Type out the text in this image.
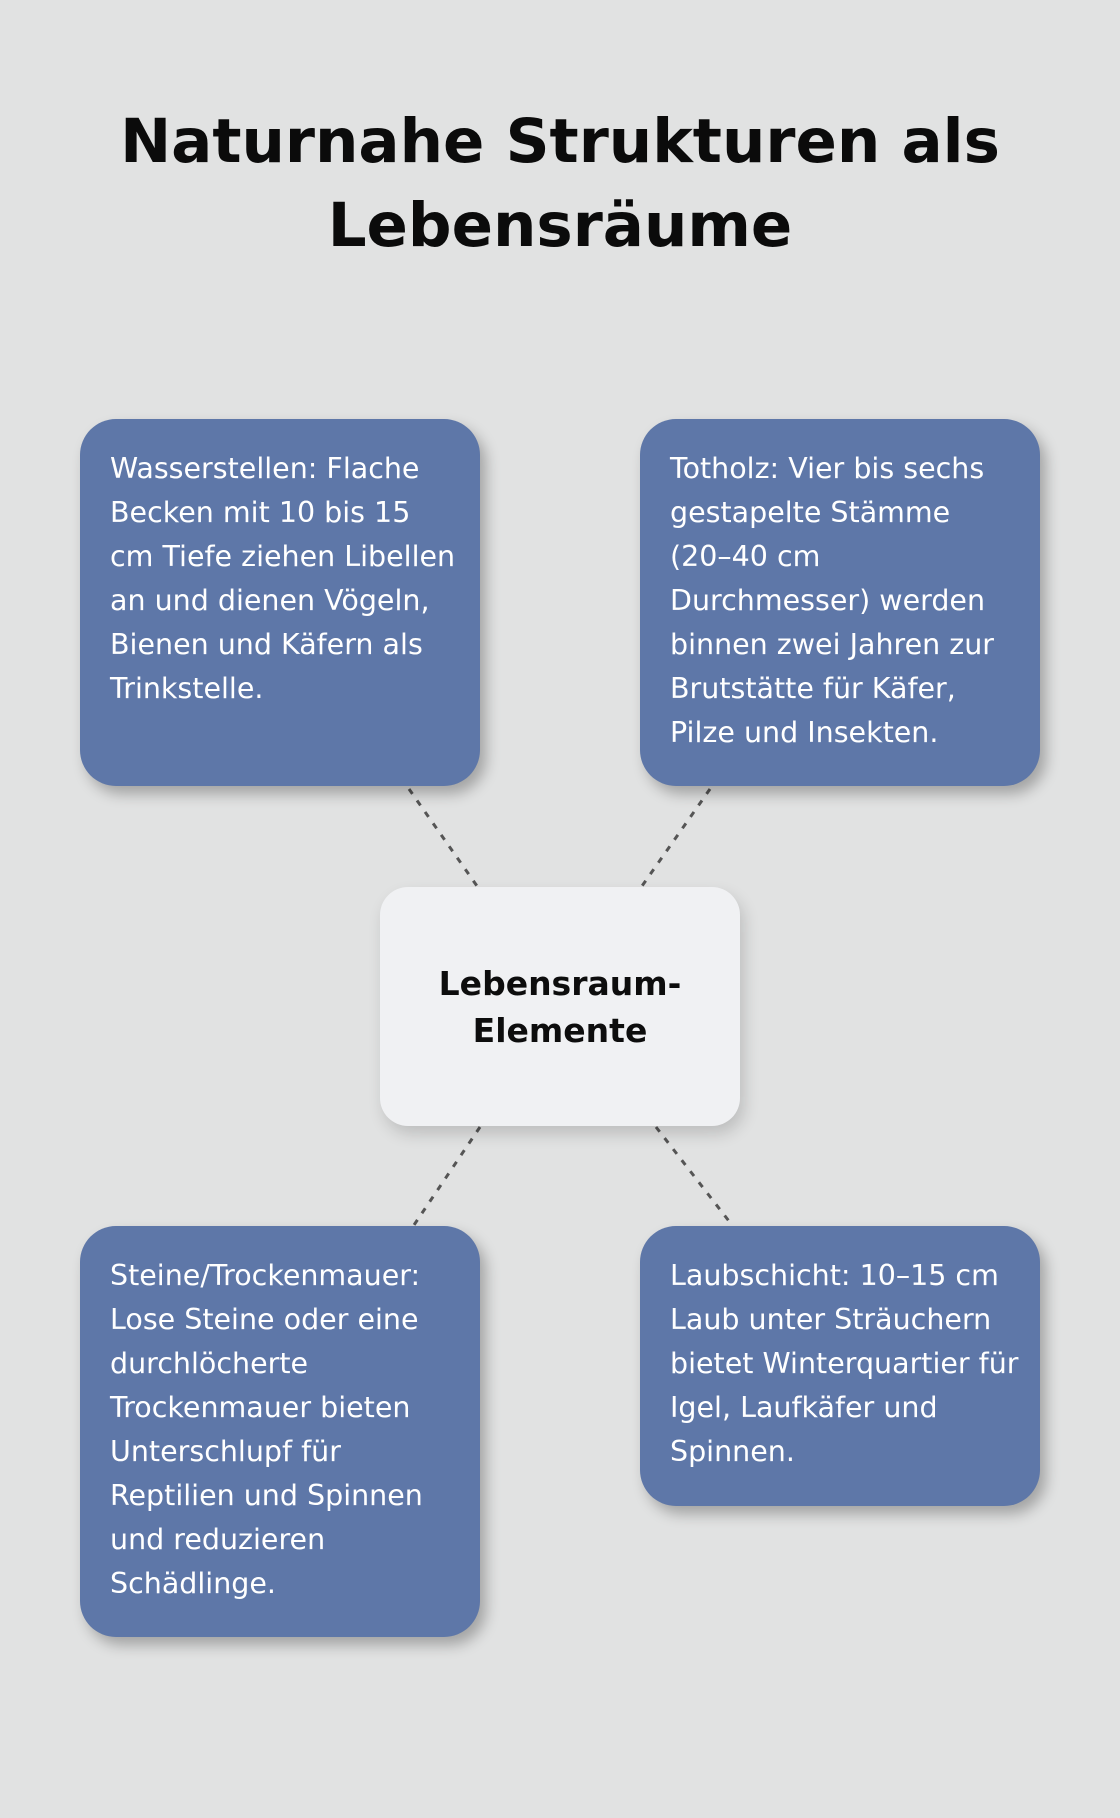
Naturnahe Strukturen als Lebensräume
Wasserstellen: Flache Becken mit 10 bis 15 cm Tiefe ziehen Libellen an und dienen Vögeln, Bienen und Käfern als Trinkstelle.
Totholz: Vier bis sechs gestapelte Stämme (20–40 cm Durchmesser) werden binnen zwei Jahren zur Brutstätte für Käfer, Pilze und Insekten.
Lebensraum-Elemente
Steine/Trockenmauer: Lose Steine oder eine durchlöcherte Trockenmauer bieten Unterschlupf für Reptilien und Spinnen und reduzieren Schädlinge.
Laubschicht: 10–15 cm Laub unter Sträuchern bietet Winterquartier für Igel, Laufkäfer und Spinnen.
